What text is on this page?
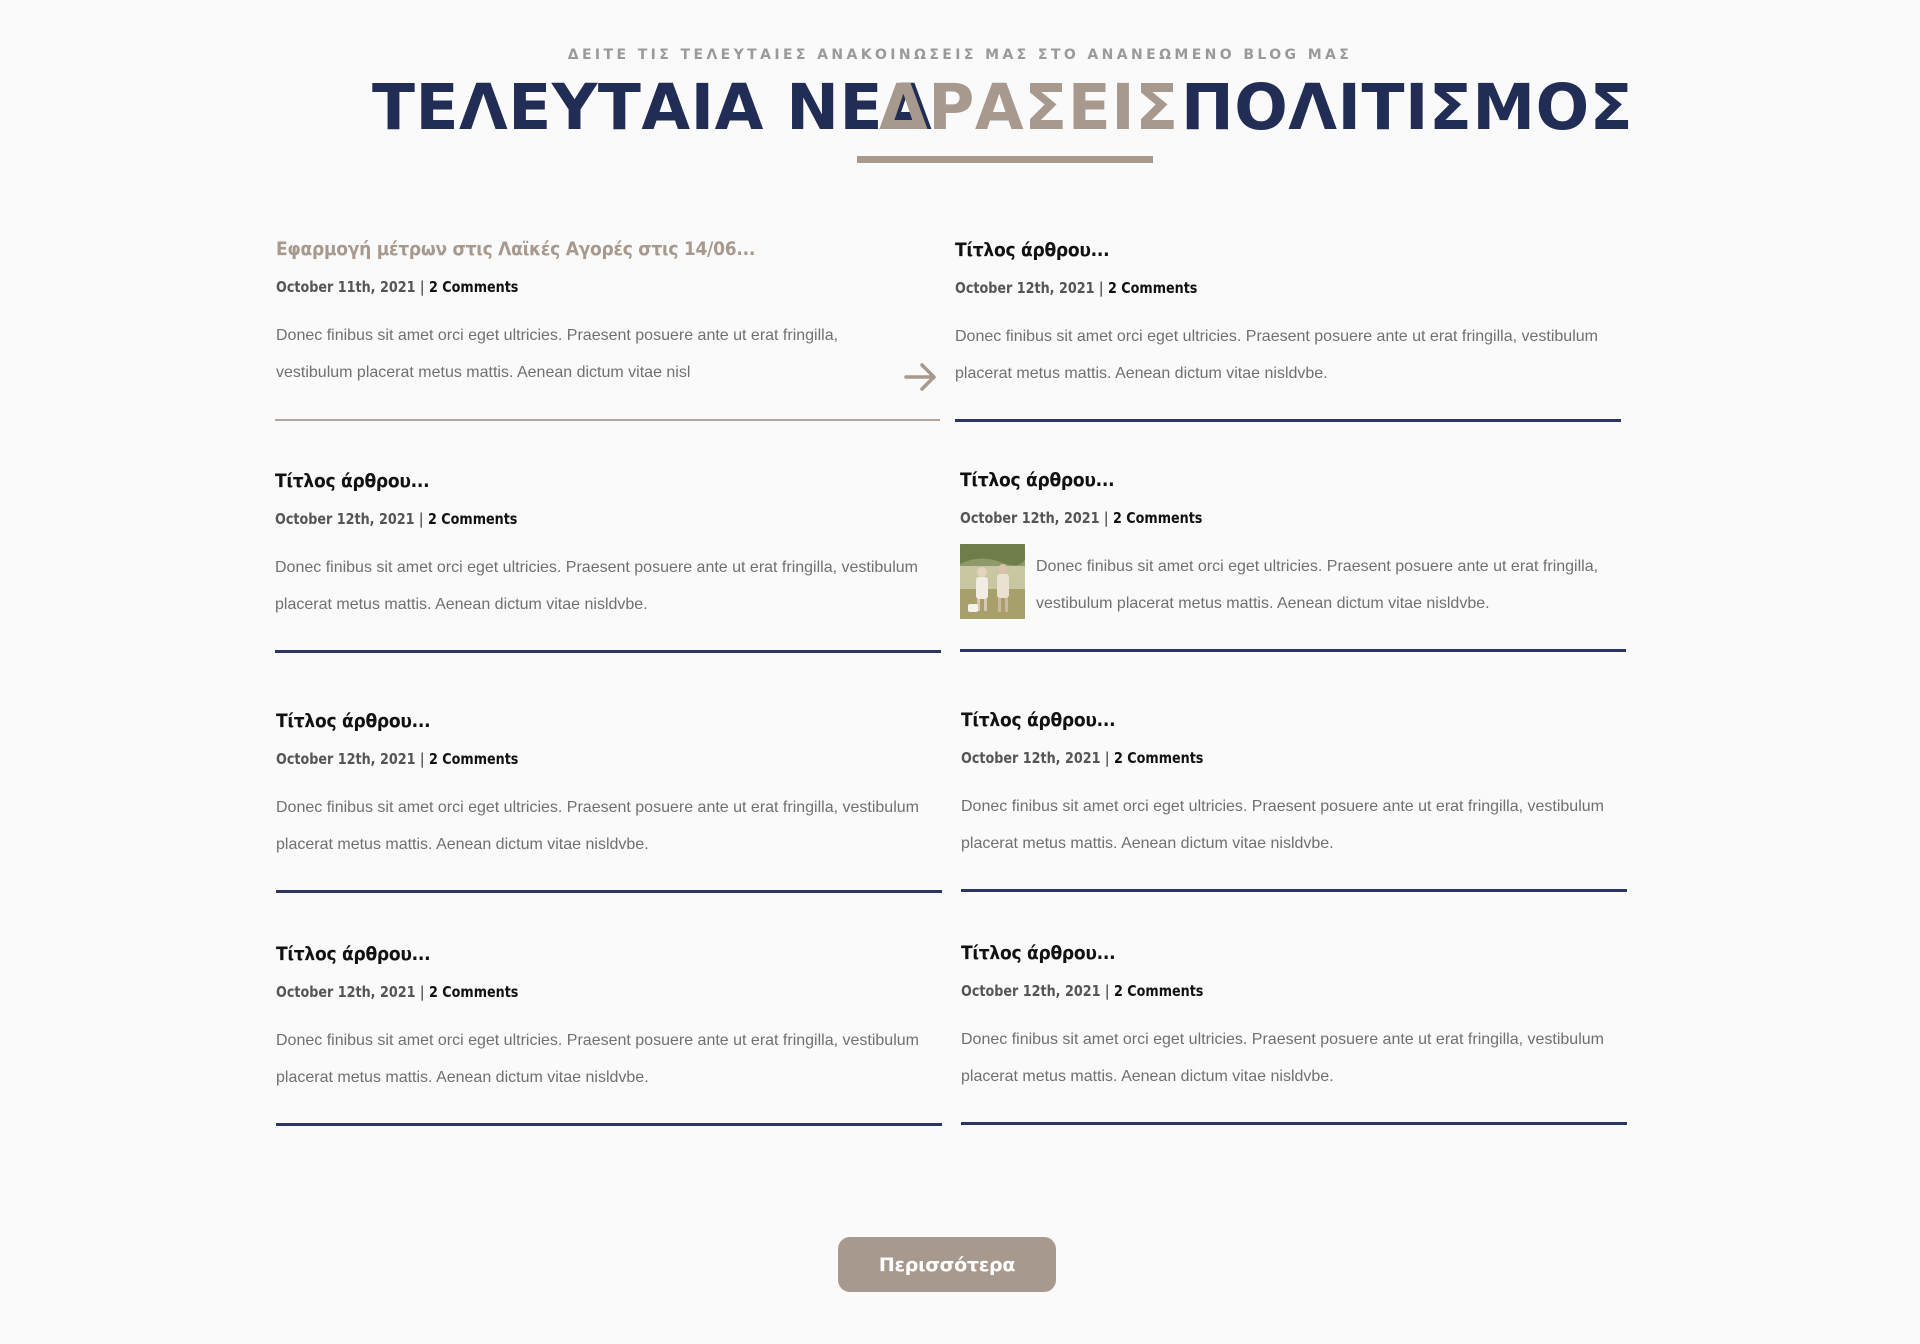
ΔΕΙΤΕ ΤΙΣ ΤΕΛΕΥΤΑΙΕΣ ΑΝΑΚΟΙΝΩΣΕΙΣ ΜΑΣ ΣΤΟ ΑΝΑΝΕΩΜΕΝΟ BLOG ΜΑΣ
ΤΕΛΕΥΤΑΙΑ ΝΕΑ
ΔΡΑΣΕΙΣ ΠΟΛΙΤΙΣΜΟΣ
Εφαρμογή μέτρων στις Λαϊκές Αγορές στις 14/06...
October 11th, 2021 | 2 Comments
Donec finibus sit amet orci eget ultricies. Praesent posuere ante ut erat fringilla, vestibulum placerat metus mattis. Aenean dictum vitae nisl
Τίτλος άρθρου...
October 12th, 2021 | 2 Comments
Donec finibus sit amet orci eget ultricies. Praesent posuere ante ut erat fringilla, vestibulum placerat metus mattis. Aenean dictum vitae nisldvbe.
Τίτλος άρθρου...
October 12th, 2021 | 2 Comments
Donec finibus sit amet orci eget ultricies. Praesent posuere ante ut erat fringilla, vestibulum placerat metus mattis. Aenean dictum vitae nisldvbe.
Τίτλος άρθρου...
October 12th, 2021 | 2 Comments
Donec finibus sit amet orci eget ultricies. Praesent posuere ante ut erat fringilla, vestibulum placerat metus mattis. Aenean dictum vitae nisldvbe.
Τίτλος άρθρου...
October 12th, 2021 | 2 Comments
Donec finibus sit amet orci eget ultricies. Praesent posuere ante ut erat fringilla, vestibulum placerat metus mattis. Aenean dictum vitae nisldvbe.
Τίτλος άρθρου...
October 12th, 2021 | 2 Comments
Donec finibus sit amet orci eget ultricies. Praesent posuere ante ut erat fringilla, vestibulum placerat metus mattis. Aenean dictum vitae nisldvbe.
Τίτλος άρθρου...
October 12th, 2021 | 2 Comments
Donec finibus sit amet orci eget ultricies. Praesent posuere ante ut erat fringilla, vestibulum placerat metus mattis. Aenean dictum vitae nisldvbe.
Τίτλος άρθρου...
October 12th, 2021 | 2 Comments
Donec finibus sit amet orci eget ultricies. Praesent posuere ante ut erat fringilla, vestibulum placerat metus mattis. Aenean dictum vitae nisldvbe.
Περισσότερα
